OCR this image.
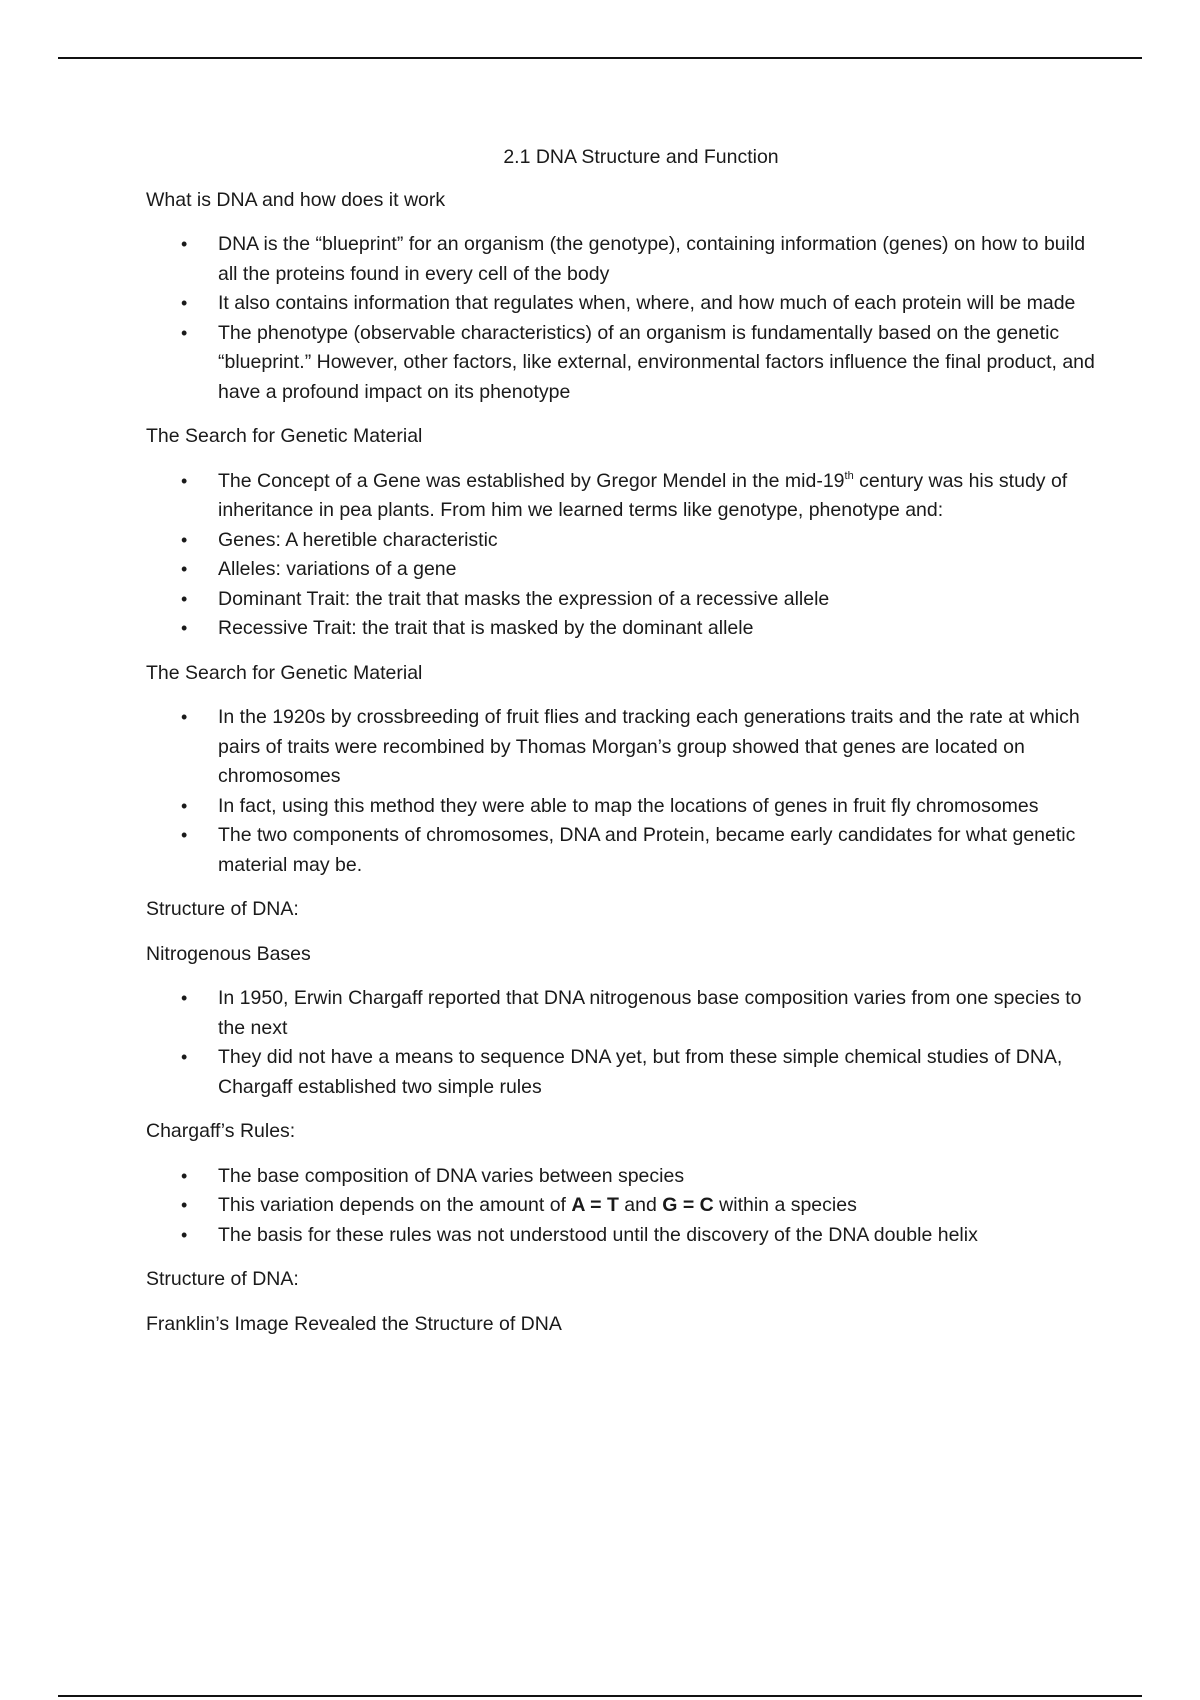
2.1 DNA Structure and Function
What is DNA and how does it work
• DNA is the “blueprint” for an organism (the genotype), containing information (genes) on how to build all the proteins found in every cell of the body
• It also contains information that regulates when, where, and how much of each protein will be made
• The phenotype (observable characteristics) of an organism is fundamentally based on the genetic “blueprint.” However, other factors, like external, environmental factors influence the final product, and have a profound impact on its phenotype
The Search for Genetic Material
• The Concept of a Gene was established by Gregor Mendel in the mid-19th century was his study of inheritance in pea plants. From him we learned terms like genotype, phenotype and:
• Genes: A heretible characteristic
• Alleles: variations of a gene
• Dominant Trait: the trait that masks the expression of a recessive allele
• Recessive Trait: the trait that is masked by the dominant allele
The Search for Genetic Material
• In the 1920s by crossbreeding of fruit flies and tracking each generations traits and the rate at which pairs of traits were recombined by Thomas Morgan’s group showed that genes are located on chromosomes
• In fact, using this method they were able to map the locations of genes in fruit fly chromosomes
• The two components of chromosomes, DNA and Protein, became early candidates for what genetic material may be.
Structure of DNA:
Nitrogenous Bases
• In 1950, Erwin Chargaff reported that DNA nitrogenous base composition varies from one species to the next
• They did not have a means to sequence DNA yet, but from these simple chemical studies of DNA, Chargaff established two simple rules
Chargaff’s Rules:
• The base composition of DNA varies between species
• This variation depends on the amount of A = T and G = C within a species
• The basis for these rules was not understood until the discovery of the DNA double helix
Structure of DNA:
Franklin’s Image Revealed the Structure of DNA
